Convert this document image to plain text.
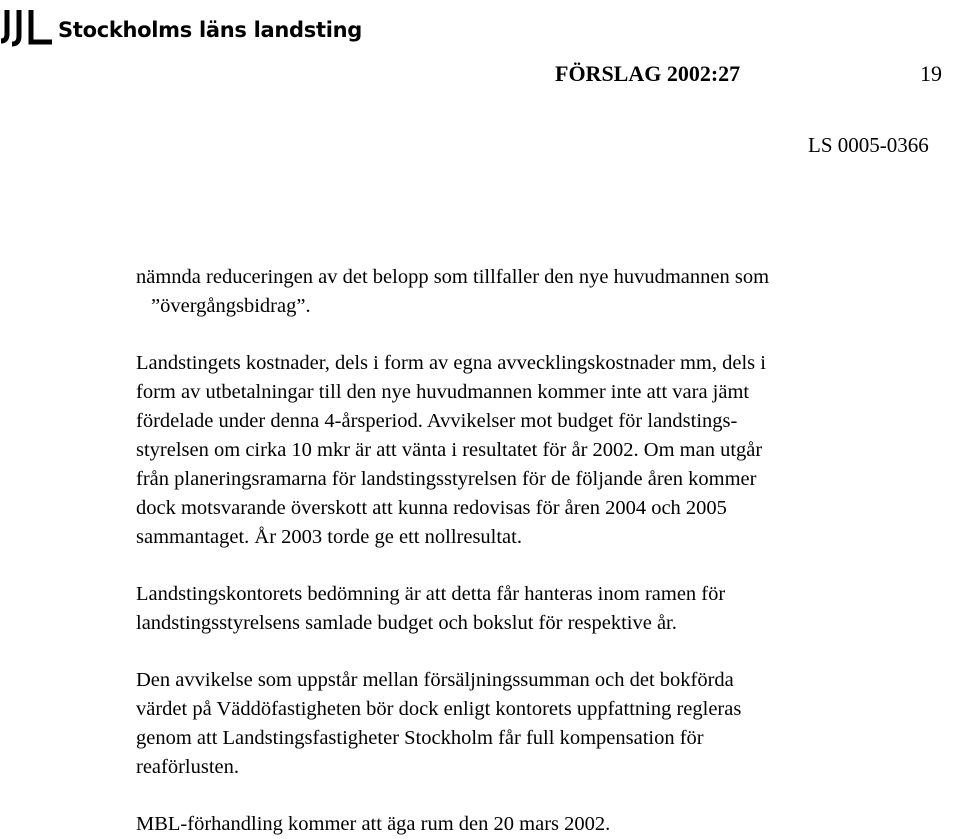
Stockholms läns landsting
FÖRSLAG 2002:27	19
LS 0005-0366

nämnda reduceringen av det belopp som tillfaller den nye huvudmannen som
”övergångsbidrag”.

Landstingets kostnader, dels i form av egna avvecklingskostnader mm, dels i
form av utbetalningar till den nye huvudmannen kommer inte att vara jämt
fördelade under denna 4-årsperiod. Avvikelser mot budget för landstings-
styrelsen om cirka 10 mkr är att vänta i resultatet för år 2002. Om man utgår
från planeringsramarna för landstingsstyrelsen för de följande åren kommer
dock motsvarande överskott att kunna redovisas för åren 2004 och 2005
sammantaget. År 2003 torde ge ett nollresultat.

Landstingskontorets bedömning är att detta får hanteras inom ramen för
landstingsstyrelsens samlade budget och bokslut för respektive år.

Den avvikelse som uppstår mellan försäljningssumman och det bokförda
värdet på Väddöfastigheten bör dock enligt kontorets uppfattning regleras
genom att Landstingsfastigheter Stockholm får full kompensation för
reaförlusten.

MBL-förhandling kommer att äga rum den 20 mars 2002.
